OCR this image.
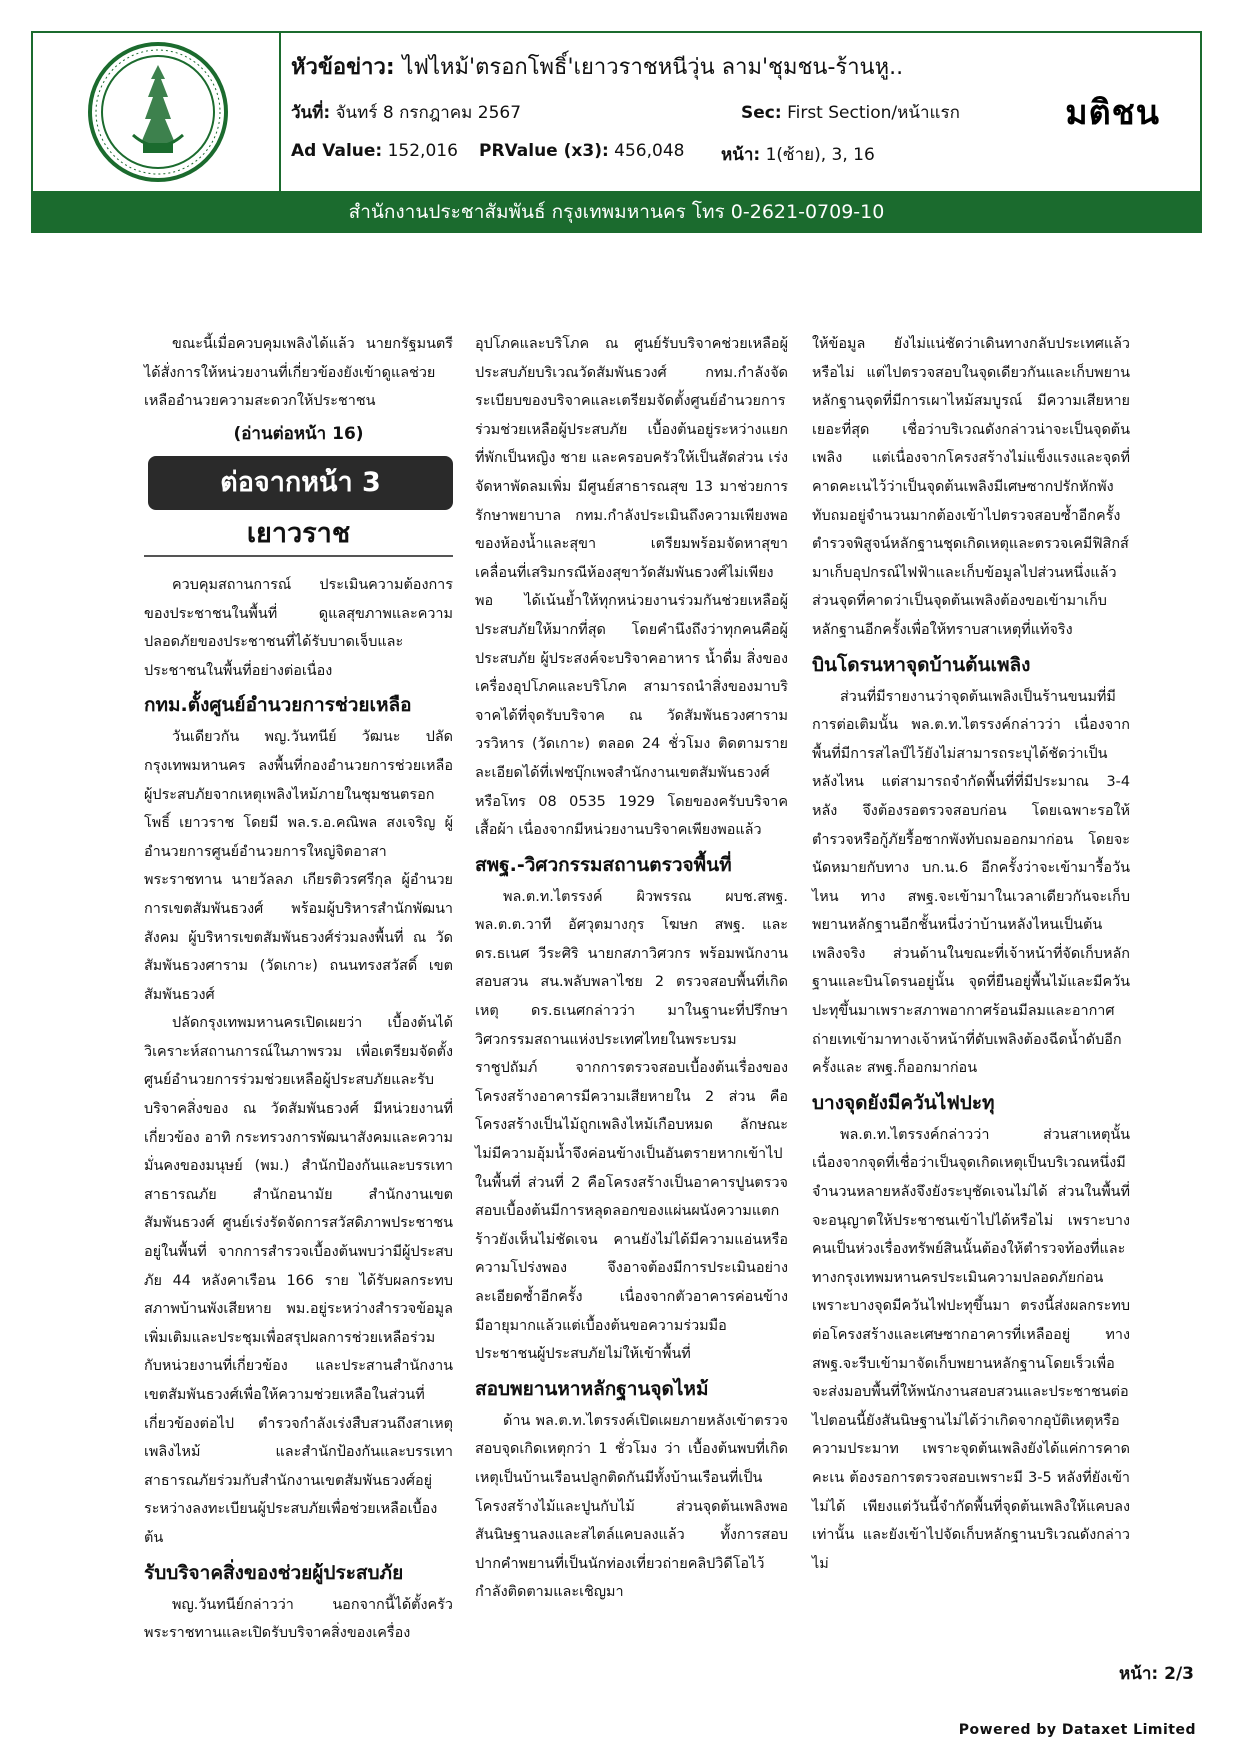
หัวข้อข่าว: ไฟไหม้'ตรอกโพธิ์'เยาวราชหนีวุ่น ลาม'ชุมชน-ร้านหู..
วันที่: จันทร์ 8 กรกฎาคม 2567	Sec: First Section/หน้าแรก
Ad Value: 152,016 PRValue (x3): 456,048 หน้า: 1(ซ้าย), 3, 16
มติชน
สำนักงานประชาสัมพันธ์ กรุงเทพมหานคร โทร 0-2621-0709-10

ขณะนี้เมื่อควบคุมเพลิงได้แล้ว นายกรัฐมนตรีได้สั่งการให้หน่วยงานที่เกี่ยวข้องยังเข้าดูแลช่วยเหลืออำนวยความสะดวกให้ประชาชน

(อ่านต่อหน้า 16)

ต่อจากหน้า 3
เยาวราช

ควบคุมสถานการณ์ ประเมินความต้องการของประชาชนในพื้นที่ ดูแลสุขภาพและความปลอดภัยของประชาชนที่ได้รับบาดเจ็บและประชาชนในพื้นที่อย่างต่อเนื่อง

กทม.ตั้งศูนย์อำนวยการช่วยเหลือ

วันเดียวกัน พญ.วันทนีย์ วัฒนะ ปลัดกรุงเทพมหานคร ลงพื้นที่กองอำนวยการช่วยเหลือผู้ประสบภัยจากเหตุเพลิงไหม้ภายในชุมชนตรอกโพธิ์ เยาวราช โดยมี พล.ร.อ.คณิพล สงเจริญ ผู้อำนวยการศูนย์อำนวยการใหญ่จิตอาสาพระราชทาน นายวัลลภ เกียรติวรศรีกุล ผู้อำนวยการเขตสัมพันธวงศ์ พร้อมผู้บริหารสำนักพัฒนาสังคม ผู้บริหารเขตสัมพันธวงศ์ร่วมลงพื้นที่ ณ วัดสัมพันธวงศาราม (วัดเกาะ) ถนนทรงสวัสดิ์ เขตสัมพันธวงศ์

ปลัดกรุงเทพมหานครเปิดเผยว่า เบื้องต้นได้วิเคราะห์สถานการณ์ในภาพรวม เพื่อเตรียมจัดตั้งศูนย์อำนวยการร่วมช่วยเหลือผู้ประสบภัยและรับบริจาคสิ่งของ ณ วัดสัมพันธวงศ์ มีหน่วยงานที่เกี่ยวข้อง อาทิ กระทรวงการพัฒนาสังคมและความมั่นคงของมนุษย์ (พม.) สำนักป้องกันและบรรเทาสาธารณภัย สำนักอนามัย สำนักงานเขตสัมพันธวงศ์ ศูนย์เร่งรัดจัดการสวัสดิภาพประชาชน อยู่ในพื้นที่ จากการสำรวจเบื้องต้นพบว่ามีผู้ประสบภัย 44 หลังคาเรือน 166 ราย ได้รับผลกระทบสภาพบ้านพังเสียหาย พม.อยู่ระหว่างสำรวจข้อมูลเพิ่มเติมและประชุมเพื่อสรุปผลการช่วยเหลือร่วมกับหน่วยงานที่เกี่ยวข้อง และประสานสำนักงานเขตสัมพันธวงศ์เพื่อให้ความช่วยเหลือในส่วนที่เกี่ยวข้องต่อไป ตำรวจกำลังเร่งสืบสวนถึงสาเหตุเพลิงไหม้ และสำนักป้องกันและบรรเทาสาธารณภัยร่วมกับสำนักงานเขตสัมพันธวงศ์อยู่ระหว่างลงทะเบียนผู้ประสบภัยเพื่อช่วยเหลือเบื้องต้น

รับบริจาคสิ่งของช่วยผู้ประสบภัย

พญ.วันทนีย์กล่าวว่า นอกจากนี้ได้ตั้งครัวพระราชทานและเปิดรับบริจาคสิ่งของเครื่อง

อุปโภคและบริโภค ณ ศูนย์รับบริจาคช่วยเหลือผู้ประสบภัยบริเวณวัดสัมพันธวงศ์ กทม.กำลังจัดระเบียบของบริจาคและเตรียมจัดตั้งศูนย์อำนวยการร่วมช่วยเหลือผู้ประสบภัย เบื้องต้นอยู่ระหว่างแยกที่พักเป็นหญิง ชาย และครอบครัวให้เป็นสัดส่วน เร่งจัดหาพัดลมเพิ่ม มีศูนย์สาธารณสุข 13 มาช่วยการรักษาพยาบาล กทม.กำลังประเมินถึงความเพียงพอของห้องน้ำและสุขา เตรียมพร้อมจัดหาสุขาเคลื่อนที่เสริมกรณีห้องสุขาวัดสัมพันธวงศ์ไม่เพียงพอ ได้เน้นย้ำให้ทุกหน่วยงานร่วมกันช่วยเหลือผู้ประสบภัยให้มากที่สุด โดยคำนึงถึงว่าทุกคนคือผู้ประสบภัย ผู้ประสงค์จะบริจาคอาหาร น้ำดื่ม สิ่งของเครื่องอุปโภคและบริโภค สามารถนำสิ่งของมาบริจาคได้ที่จุดรับบริจาค ณ วัดสัมพันธวงศาราม วรวิหาร (วัดเกาะ) ตลอด 24 ชั่วโมง ติดตามรายละเอียดได้ที่เฟซบุ๊กเพจสำนักงานเขตสัมพันธวงศ์ หรือโทร 08 0535 1929 โดยของครับบริจาคเสื้อผ้า เนื่องจากมีหน่วยงานบริจาคเพียงพอแล้ว

สพฐ.-วิศวกรรมสถานตรวจพื้นที่

พล.ต.ท.ไตรรงค์ ผิวพรรณ ผบช.สพฐ. พล.ต.ต.วาที อัศวุตมางกุร โฆษก สพฐ. และ ดร.ธเนศ วีระศิริ นายกสภาวิศวกร พร้อมพนักงานสอบสวน สน.พลับพลาไชย 2 ตรวจสอบพื้นที่เกิดเหตุ ดร.ธเนศกล่าวว่า มาในฐานะที่ปรึกษาวิศวกรรมสถานแห่งประเทศไทยในพระบรมราชูปถัมภ์ จากการตรวจสอบเบื้องต้นเรื่องของโครงสร้างอาคารมีความเสียหายใน 2 ส่วน คือโครงสร้างเป็นไม้ถูกเพลิงไหม้เกือบหมด ลักษณะไม่มีความอุ้มน้ำจึงค่อนข้างเป็นอันตรายหากเข้าไปในพื้นที่ ส่วนที่ 2 คือโครงสร้างเป็นอาคารปูนตรวจสอบเบื้องต้นมีการหลุดลอกของแผ่นผนังความแตกร้าวยังเห็นไม่ชัดเจน คานยังไม่ได้มีความแอ่นหรือความโปร่งพอง จึงอาจต้องมีการประเมินอย่างละเอียดซ้ำอีกครั้ง เนื่องจากตัวอาคารค่อนข้างมีอายุมากแล้วแต่เบื้องต้นขอความร่วมมือประชาชนผู้ประสบภัยไม่ให้เข้าพื้นที่

สอบพยานหาหลักฐานจุดไหม้

ด้าน พล.ต.ท.ไตรรงค์เปิดเผยภายหลังเข้าตรวจสอบจุดเกิดเหตุกว่า 1 ชั่วโมง ว่า เบื้องต้นพบที่เกิดเหตุเป็นบ้านเรือนปลูกติดกันมีทั้งบ้านเรือนที่เป็นโครงสร้างไม้และปูนกับไม้ ส่วนจุดต้นเพลิงพอสันนิษฐานลงและสไตล์แคบลงแล้ว ทั้งการสอบปากคำพยานที่เป็นนักท่องเที่ยวถ่ายคลิปวิดีโอไว้กำลังติดตามและเชิญมา

ให้ข้อมูล ยังไม่แน่ชัดว่าเดินทางกลับประเทศแล้วหรือไม่ แต่ไปตรวจสอบในจุดเดียวกันและเก็บพยานหลักฐานจุดที่มีการเผาไหม้สมบูรณ์ มีความเสียหายเยอะที่สุด เชื่อว่าบริเวณดังกล่าวน่าจะเป็นจุดต้นเพลิง แต่เนื่องจากโครงสร้างไม่แข็งแรงและจุดที่คาดคะเนไว้ว่าเป็นจุดต้นเพลิงมีเศษซากปรักหักพังทับถมอยู่จำนวนมากต้องเข้าไปตรวจสอบซ้ำอีกครั้ง ตำรวจพิสูจน์หลักฐานชุดเกิดเหตุและตรวจเคมีฟิสิกส์มาเก็บอุปกรณ์ไฟฟ้าและเก็บข้อมูลไปส่วนหนึ่งแล้ว ส่วนจุดที่คาดว่าเป็นจุดต้นเพลิงต้องขอเข้ามาเก็บหลักฐานอีกครั้งเพื่อให้ทราบสาเหตุที่แท้จริง

บินโดรนหาจุดบ้านต้นเพลิง

ส่วนที่มีรายงานว่าจุดต้นเพลิงเป็นร้านขนมที่มีการต่อเติมนั้น พล.ต.ท.ไตรรงค์กล่าวว่า เนื่องจากพื้นที่มีการสไลป์ไว้ยังไม่สามารถระบุได้ชัดว่าเป็นหลังไหน แต่สามารถจำกัดพื้นที่ที่มีประมาณ 3-4 หลัง จึงต้องรอตรวจสอบก่อน โดยเฉพาะรอให้ตำรวจหรือกู้ภัยรื้อซากพังทับถมออกมาก่อน โดยจะนัดหมายกับทาง บก.น.6 อีกครั้งว่าจะเข้ามารื้อวันไหน ทาง สพฐ.จะเข้ามาในเวลาเดียวกันจะเก็บพยานหลักฐานอีกชั้นหนึ่งว่าบ้านหลังไหนเป็นต้นเพลิงจริง ส่วนด้านในขณะที่เจ้าหน้าที่จัดเก็บหลักฐานและบินโดรนอยู่นั้น จุดที่ยืนอยู่พื้นไม้และมีควันปะทุขึ้นมาเพราะสภาพอากาศร้อนมีลมและอากาศถ่ายเทเข้ามาทางเจ้าหน้าที่ดับเพลิงต้องฉีดน้ำดับอีกครั้งและ สพฐ.ก็ออกมาก่อน

บางจุดยังมีควันไฟปะทุ

พล.ต.ท.ไตรรงค์กล่าวว่า ส่วนสาเหตุนั้นเนื่องจากจุดที่เชื่อว่าเป็นจุดเกิดเหตุเป็นบริเวณหนึ่งมีจำนวนหลายหลังจึงยังระบุชัดเจนไม่ได้ ส่วนในพื้นที่จะอนุญาตให้ประชาชนเข้าไปได้หรือไม่ เพราะบางคนเป็นห่วงเรื่องทรัพย์สินนั้นต้องให้ตำรวจท้องที่และทางกรุงเทพมหานครประเมินความปลอดภัยก่อน เพราะบางจุดมีควันไฟปะทุขึ้นมา ตรงนี้ส่งผลกระทบต่อโครงสร้างและเศษซากอาคารที่เหลืออยู่ ทาง สพฐ.จะรีบเข้ามาจัดเก็บพยานหลักฐานโดยเร็วเพื่อจะส่งมอบพื้นที่ให้พนักงานสอบสวนและประชาชนต่อไปตอนนี้ยังสันนิษฐานไม่ได้ว่าเกิดจากอุบัติเหตุหรือความประมาท เพราะจุดต้นเพลิงยังได้แค่การคาดคะเน ต้องรอการตรวจสอบเพราะมี 3-5 หลังที่ยังเข้าไม่ได้ เพียงแต่วันนี้จำกัดพื้นที่จุดต้นเพลิงให้แคบลงเท่านั้น และยังเข้าไปจัดเก็บหลักฐานบริเวณดังกล่าวไม่

หน้า: 2/3
Powered by Dataxet Limited
